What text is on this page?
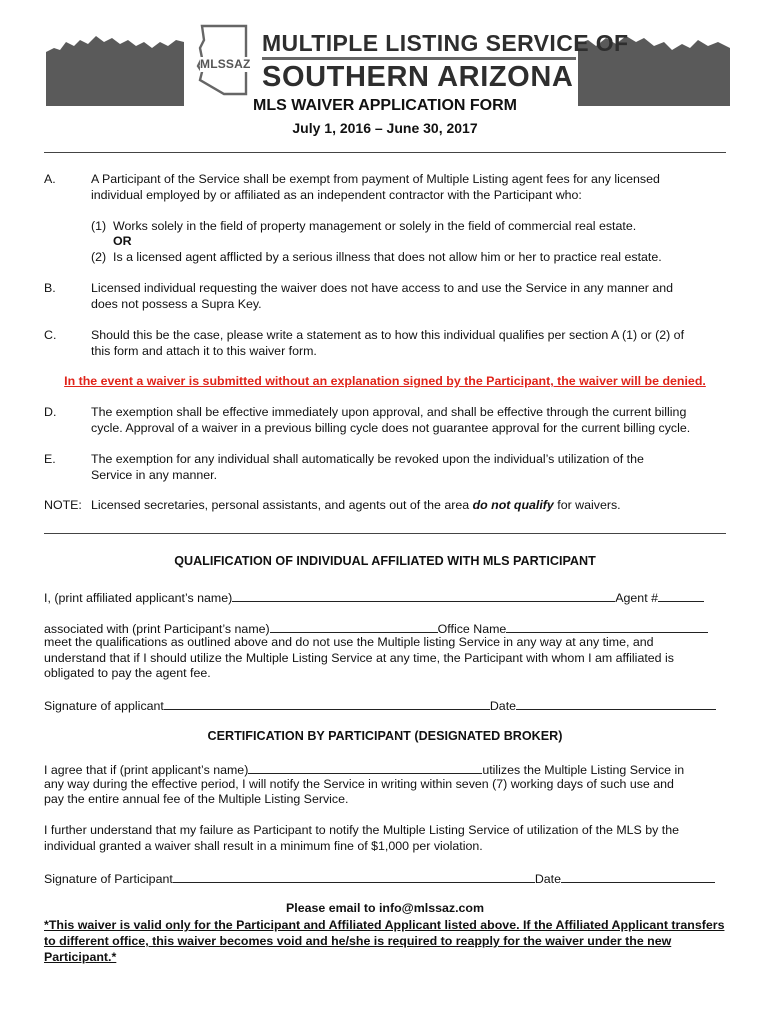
MLSSAZ
MULTIPLE LISTING SERVICE OF
SOUTHERN ARIZONA
MLS WAIVER APPLICATION FORM
July 1, 2016 – June 30, 2017
A.	A Participant of the Service shall be exempt from payment of Multiple Listing agent fees for any licensed
individual employed by or affiliated as an independent contractor with the Participant who:
(1) Works solely in the field of property management or solely in the field of commercial real estate.
OR
(2) Is a licensed agent afflicted by a serious illness that does not allow him or her to practice real estate.
B.	Licensed individual requesting the waiver does not have access to and use the Service in any manner and
does not possess a Supra Key.
C.	Should this be the case, please write a statement as to how this individual qualifies per section A (1) or (2) of
this form and attach it to this waiver form.
In the event a waiver is submitted without an explanation signed by the Participant, the waiver will be denied.
D.	The exemption shall be effective immediately upon approval, and shall be effective through the current billing
cycle. Approval of a waiver in a previous billing cycle does not guarantee approval for the current billing cycle.
E.	The exemption for any individual shall automatically be revoked upon the individual’s utilization of the
Service in any manner.
NOTE: Licensed secretaries, personal assistants, and agents out of the area do not qualify for waivers.
QUALIFICATION OF INDIVIDUAL AFFILIATED WITH MLS PARTICIPANT
I, (print affiliated applicant’s name)	Agent #
associated with (print Participant’s name)	Office Name
meet the qualifications as outlined above and do not use the Multiple listing Service in any way at any time, and
understand that if I should utilize the Multiple Listing Service at any time, the Participant with whom I am affiliated is
obligated to pay the agent fee.
Signature of applicant	Date
CERTIFICATION BY PARTICIPANT (DESIGNATED BROKER)
I agree that if (print applicant’s name)	utilizes the Multiple Listing Service in
any way during the effective period, I will notify the Service in writing within seven (7) working days of such use and
pay the entire annual fee of the Multiple Listing Service.
I further understand that my failure as Participant to notify the Multiple Listing Service of utilization of the MLS by the
individual granted a waiver shall result in a minimum fine of $1,000 per violation.
Signature of Participant	Date
Please email to info@mlssaz.com
*This waiver is valid only for the Participant and Affiliated Applicant listed above. If the Affiliated Applicant transfers to different office, this waiver becomes void and he/she is required to reapply for the waiver under the new Participant.*
